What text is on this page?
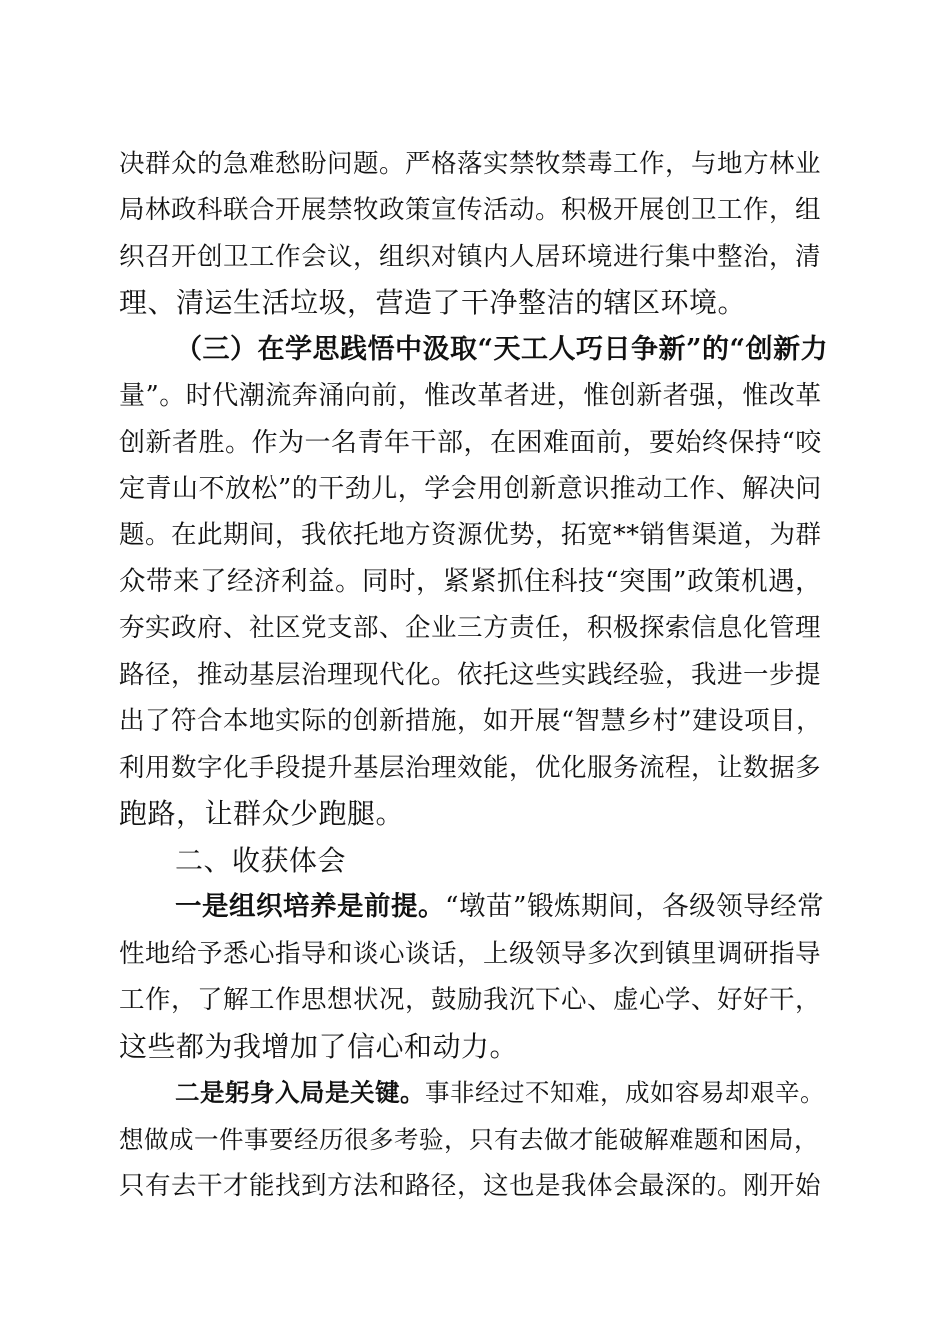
决群众的急难愁盼问题。严格落实禁牧禁毒工作，与地方林业
局林政科联合开展禁牧政策宣传活动。积极开展创卫工作，组
织召开创卫工作会议，组织对镇内人居环境进行集中整治，清
理、清运生活垃圾，营造了干净整洁的辖区环境。
（三）在学思践悟中汲取“天工人巧日争新”的“创新力
量”。时代潮流奔涌向前，惟改革者进，惟创新者强，惟改革
创新者胜。作为一名青年干部，在困难面前，要始终保持“咬
定青山不放松”的干劲儿，学会用创新意识推动工作、解决问
题。在此期间，我依托地方资源优势，拓宽**销售渠道，为群
众带来了经济利益。同时，紧紧抓住科技“突围”政策机遇，
夯实政府、社区党支部、企业三方责任，积极探索信息化管理
路径，推动基层治理现代化。依托这些实践经验，我进一步提
出了符合本地实际的创新措施，如开展“智慧乡村”建设项目，
利用数字化手段提升基层治理效能，优化服务流程，让数据多
跑路，让群众少跑腿。
二、收获体会
一是组织培养是前提。“墩苗”锻炼期间，各级领导经常
性地给予悉心指导和谈心谈话，上级领导多次到镇里调研指导
工作，了解工作思想状况，鼓励我沉下心、虚心学、好好干，
这些都为我增加了信心和动力。
二是躬身入局是关键。事非经过不知难，成如容易却艰辛。
想做成一件事要经历很多考验，只有去做才能破解难题和困局，
只有去干才能找到方法和路径，这也是我体会最深的。刚开始
